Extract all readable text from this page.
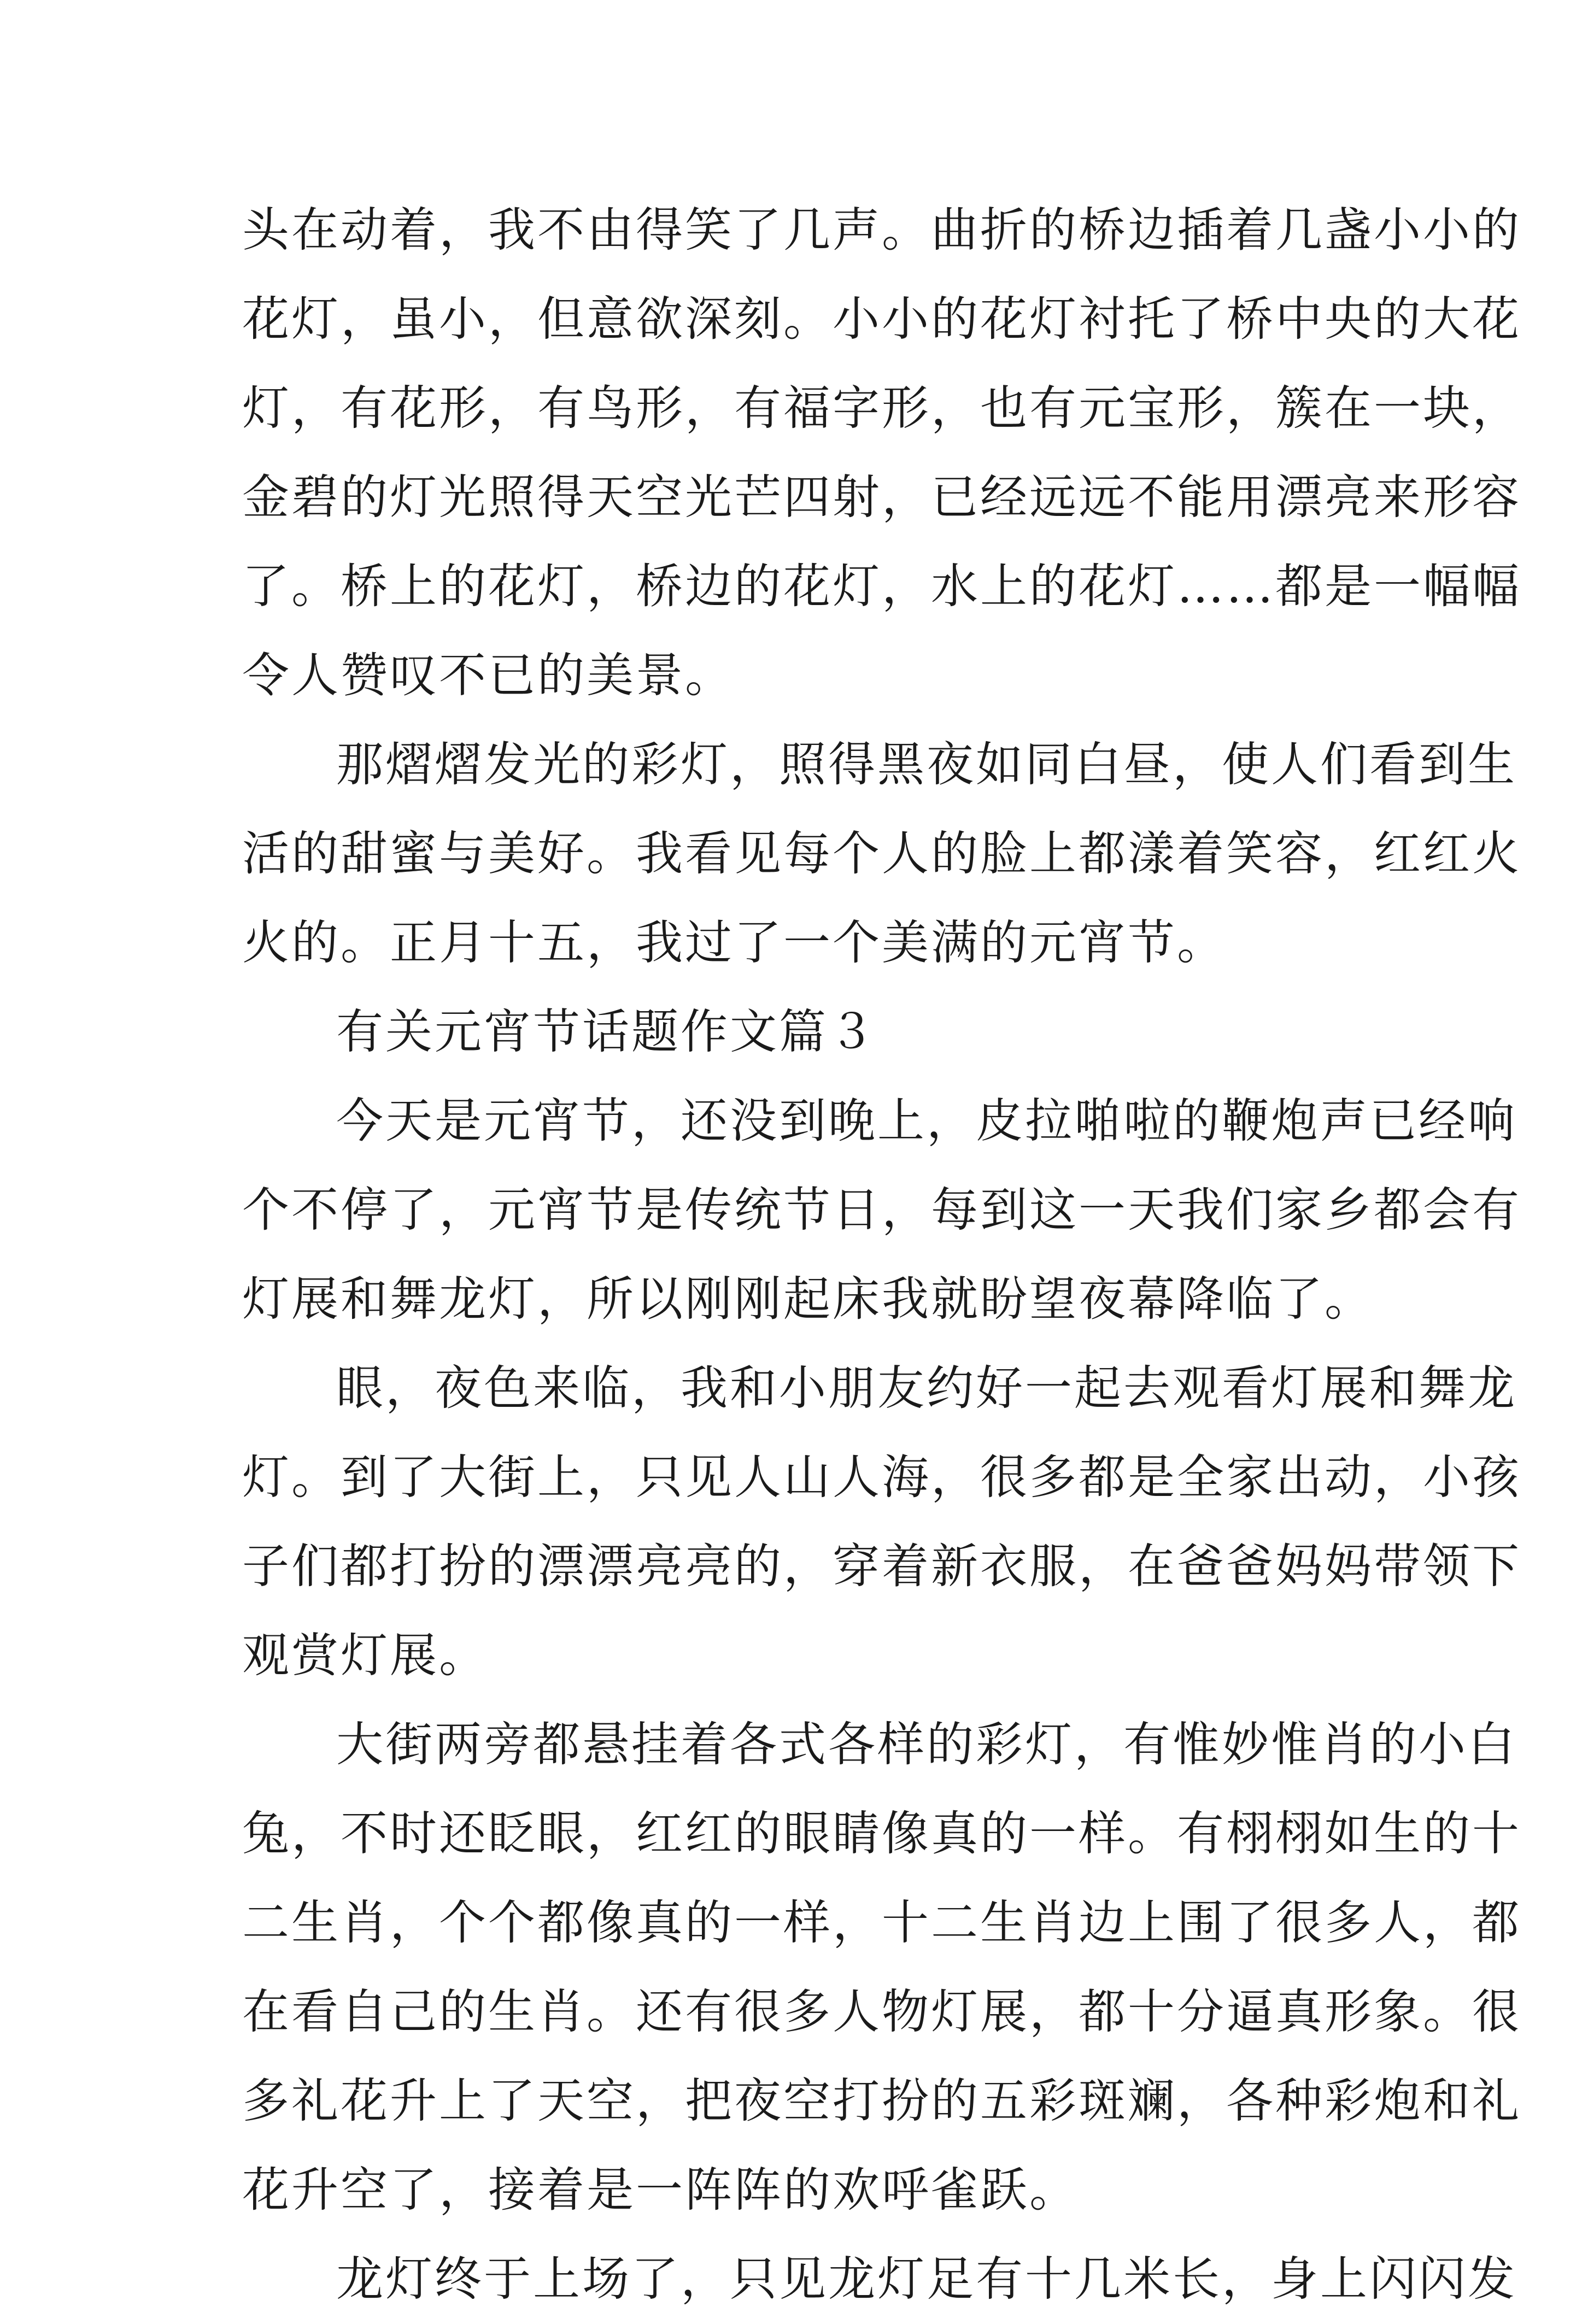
头在动着，我不由得笑了几声。曲折的桥边插着几盏小小的
花灯，虽小，但意欲深刻。小小的花灯衬托了桥中央的大花
灯，有花形，有鸟形，有福字形，也有元宝形，簇在一块，
金碧的灯光照得天空光芒四射，已经远远不能用漂亮来形容
了。桥上的花灯，桥边的花灯，水上的花灯……都是一幅幅
令人赞叹不已的美景。
那熠熠发光的彩灯，照得黑夜如同白昼，使人们看到生
活的甜蜜与美好。我看见每个人的脸上都漾着笑容，红红火
火的。正月十五，我过了一个美满的元宵节。
有关元宵节话题作文篇３
今天是元宵节，还没到晚上，皮拉啪啦的鞭炮声已经响
个不停了，元宵节是传统节日，每到这一天我们家乡都会有
灯展和舞龙灯，所以刚刚起床我就盼望夜幕降临了。
眼，夜色来临，我和小朋友约好一起去观看灯展和舞龙
灯。到了大街上，只见人山人海，很多都是全家出动，小孩
子们都打扮的漂漂亮亮的，穿着新衣服，在爸爸妈妈带领下
观赏灯展。
大街两旁都悬挂着各式各样的彩灯，有惟妙惟肖的小白
兔，不时还眨眼，红红的眼睛像真的一样。有栩栩如生的十
二生肖，个个都像真的一样，十二生肖边上围了很多人，都
在看自己的生肖。还有很多人物灯展，都十分逼真形象。很
多礼花升上了天空，把夜空打扮的五彩斑斓，各种彩炮和礼
花升空了，接着是一阵阵的欢呼雀跃。
龙灯终于上场了，只见龙灯足有十几米长，身上闪闪发
